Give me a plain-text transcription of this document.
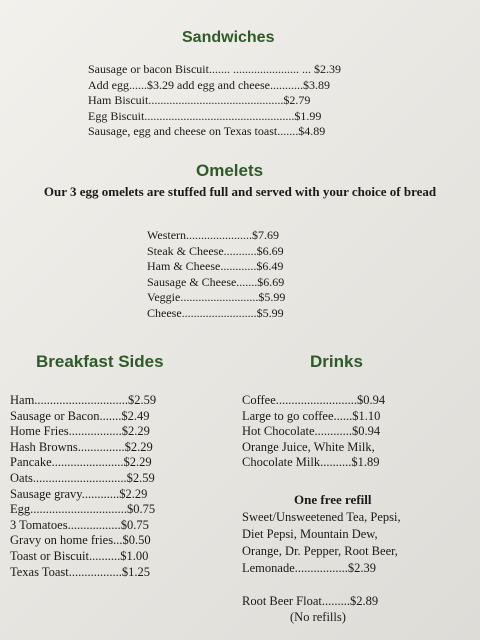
Sandwiches
Sausage or bacon Biscuit....... ...................... ... $2.39
Add egg......$3.29 add egg and cheese...........$3.89
Ham Biscuit.............................................$2.79
Egg Biscuit..................................................$1.99
Sausage, egg and cheese on Texas toast.......$4.89
Omelets

Our 3 egg omelets are stuffed full and served with your choice of bread

Western......................$7.69
Steak & Cheese...........$6.69
Ham & Cheese............$6.49
Sausage & Cheese.......$6.69
Veggie..........................$5.99
Cheese.........................$5.99
Breakfast Sides
Ham..............................$2.59
Sausage or Bacon.......$2.49
Home Fries.................$2.29
Hash Browns...............$2.29
Pancake.......................$2.29
Oats..............................$2.59
Sausage gravy............$2.29
Egg...............................$0.75
3 Tomatoes.................$0.75
Gravy on home fries...$0.50
Toast or Biscuit..........$1.00
Texas Toast.................$1.25
Drinks
Coffee..........................$0.94
Large to go coffee......$1.10
Hot Chocolate............$0.94
Orange Juice, White Milk,
Chocolate Milk..........$1.89

One free refill

Sweet/Unsweetened Tea, Pepsi,
Diet Pepsi, Mountain Dew,
Orange, Dr. Pepper, Root Beer,
Lemonade.................$2.39
Root Beer Float.........$2.89
(No refills)
